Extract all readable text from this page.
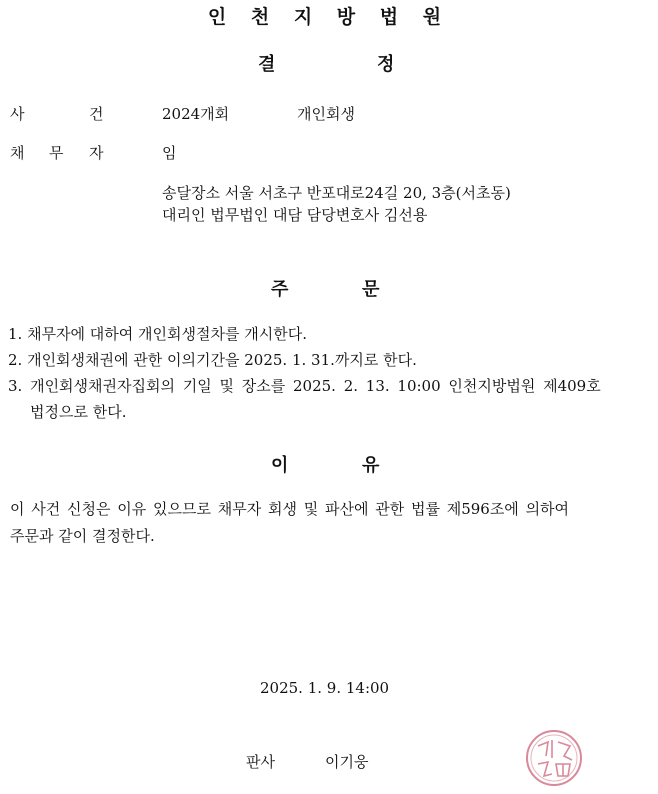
인 천 지 방 법 원
결	정
사	건	2024개회	개인회생
채 무 자	임
송달장소 서울 서초구 반포대로24길 20, 3층(서초동)
대리인 법무법인 대담 담당변호사 김선용
주	문
1. 채무자에 대하여 개인회생절차를 개시한다.
2. 개인회생채권에 관한 이의기간을 2025. 1. 31.까지로 한다.
3. 개인회생채권자집회의 기일 및 장소를 2025. 2. 13. 10:00 인천지방법원 제409호
법정으로 한다.
이	유
이 사건 신청은 이유 있으므로 채무자 회생 및 파산에 관한 법률 제596조에 의하여
주문과 같이 결정한다.
2025. 1. 9. 14:00
판사	이기웅
